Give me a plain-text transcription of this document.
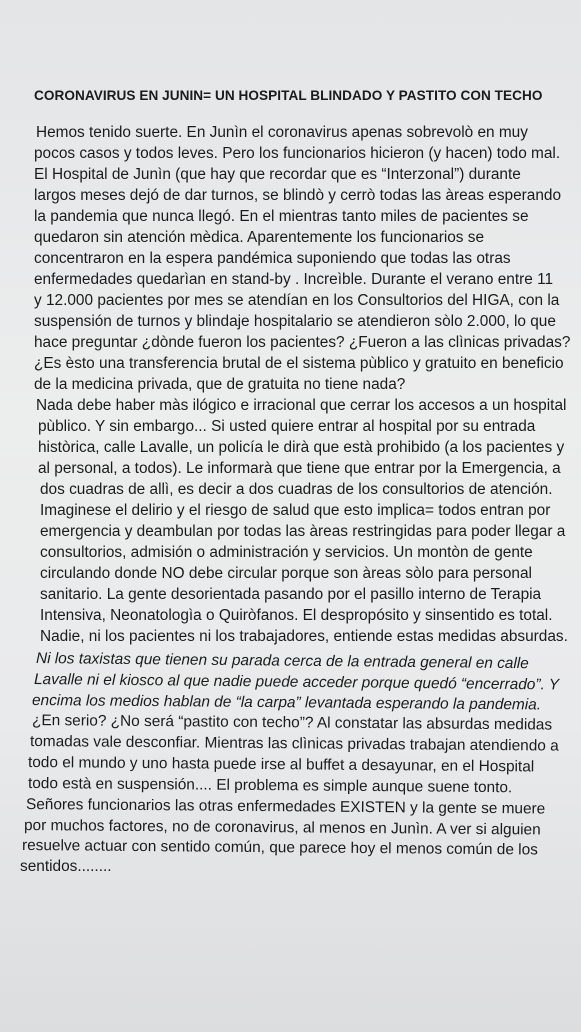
CORONAVIRUS EN JUNIN= UN HOSPITAL BLINDADO Y PASTITO CON TECHO
Hemos tenido suerte. En Junìn el coronavirus apenas sobrevolò en muy
pocos casos y todos leves. Pero los funcionarios hicieron (y hacen) todo mal.
El Hospital de Junìn (que hay que recordar que es “Interzonal”) durante
largos meses dejó de dar turnos, se blindò y cerrò todas las àreas esperando
la pandemia que nunca llegó. En el mientras tanto miles de pacientes se
quedaron sin atención mèdica. Aparentemente los funcionarios se
concentraron en la espera pandémica suponiendo que todas las otras
enfermedades quedarìan en stand-by . Increìble. Durante el verano entre 11
y 12.000 pacientes por mes se atendían en los Consultorios del HIGA, con la
suspensión de turnos y blindaje hospitalario se atendieron sòlo 2.000, lo que
hace preguntar ¿dònde fueron los pacientes? ¿Fueron a las clìnicas privadas?
¿Es èsto una transferencia brutal de el sistema pùblico y gratuito en beneficio
de la medicina privada, que de gratuita no tiene nada?
Nada debe haber màs ilógico e irracional que cerrar los accesos a un hospital
pùblico. Y sin embargo... Si usted quiere entrar al hospital por su entrada
històrica, calle Lavalle, un policía le dirà que està prohibido (a los pacientes y
al personal, a todos). Le informarà que tiene que entrar por la Emergencia, a
dos cuadras de allì, es decir a dos cuadras de los consultorios de atención.
Imaginese el delirio y el riesgo de salud que esto implica= todos entran por
emergencia y deambulan por todas las àreas restringidas para poder llegar a
consultorios, admisión o administración y servicios. Un montòn de gente
circulando donde NO debe circular porque son àreas sòlo para personal
sanitario. La gente desorientada pasando por el pasillo interno de Terapia
Intensiva, Neonatologìa o Quiròfanos. El despropósito y sinsentido es total.
Nadie, ni los pacientes ni los trabajadores, entiende estas medidas absurdas.
Ni los taxistas que tienen su parada cerca de la entrada general en calle
Lavalle ni el kiosco al que nadie puede acceder porque quedó “encerrado”. Y
encima los medios hablan de “la carpa” levantada esperando la pandemia.
¿En serio? ¿No será “pastito con techo”? Al constatar las absurdas medidas
tomadas vale desconfiar. Mientras las clìnicas privadas trabajan atendiendo a
todo el mundo y uno hasta puede irse al buffet a desayunar, en el Hospital
todo està en suspensión.... El problema es simple aunque suene tonto.
Señores funcionarios las otras enfermedades EXISTEN y la gente se muere
por muchos factores, no de coronavirus, al menos en Junìn. A ver si alguien
resuelve actuar con sentido común, que parece hoy el menos común de los
sentidos........
